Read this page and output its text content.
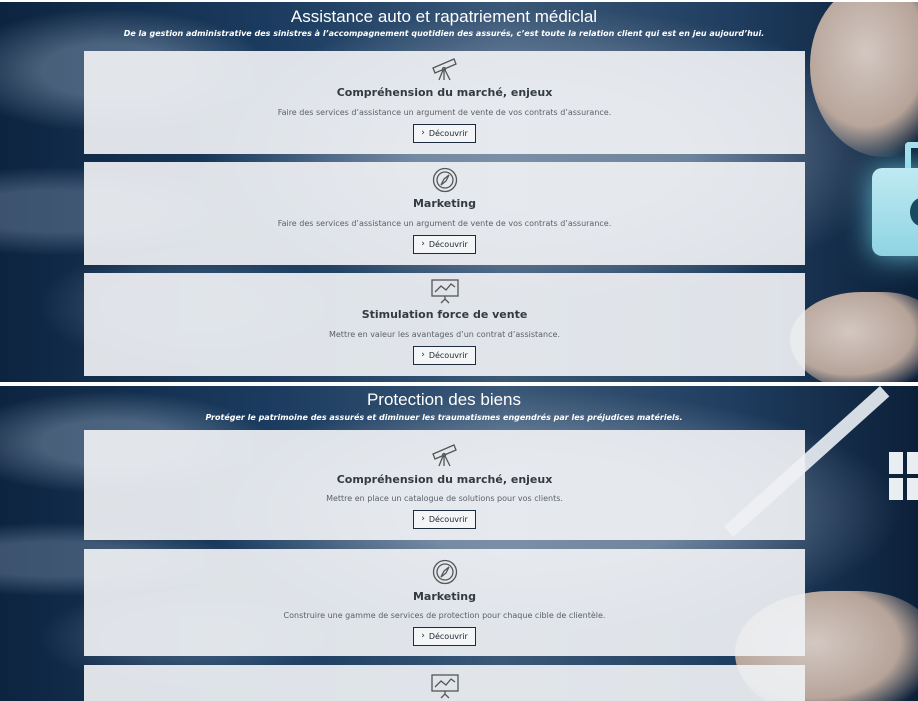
Assistance auto et rapatriement médiclal

De la gestion administrative des sinistres à l’accompagnement quotidien des assurés, c’est toute la relation client qui est en jeu aujourd’hui.

Compréhension du marché, enjeux

Faire des services d’assistance un argument de vente de vos contrats d’assurance.

› Découvrir

Marketing

Faire des services d’assistance un argument de vente de vos contrats d’assurance.

› Découvrir

Stimulation force de vente

Mettre en valeur les avantages d’un contrat d’assistance.

› Découvrir
Protection des biens

Protéger le patrimoine des assurés et diminuer les traumatismes engendrés par les préjudices matériels.

Compréhension du marché, enjeux

Mettre en place un catalogue de solutions pour vos clients.

› Découvrir

Marketing

Construire une gamme de services de protection pour chaque cible de clientèle.

› Découvrir
